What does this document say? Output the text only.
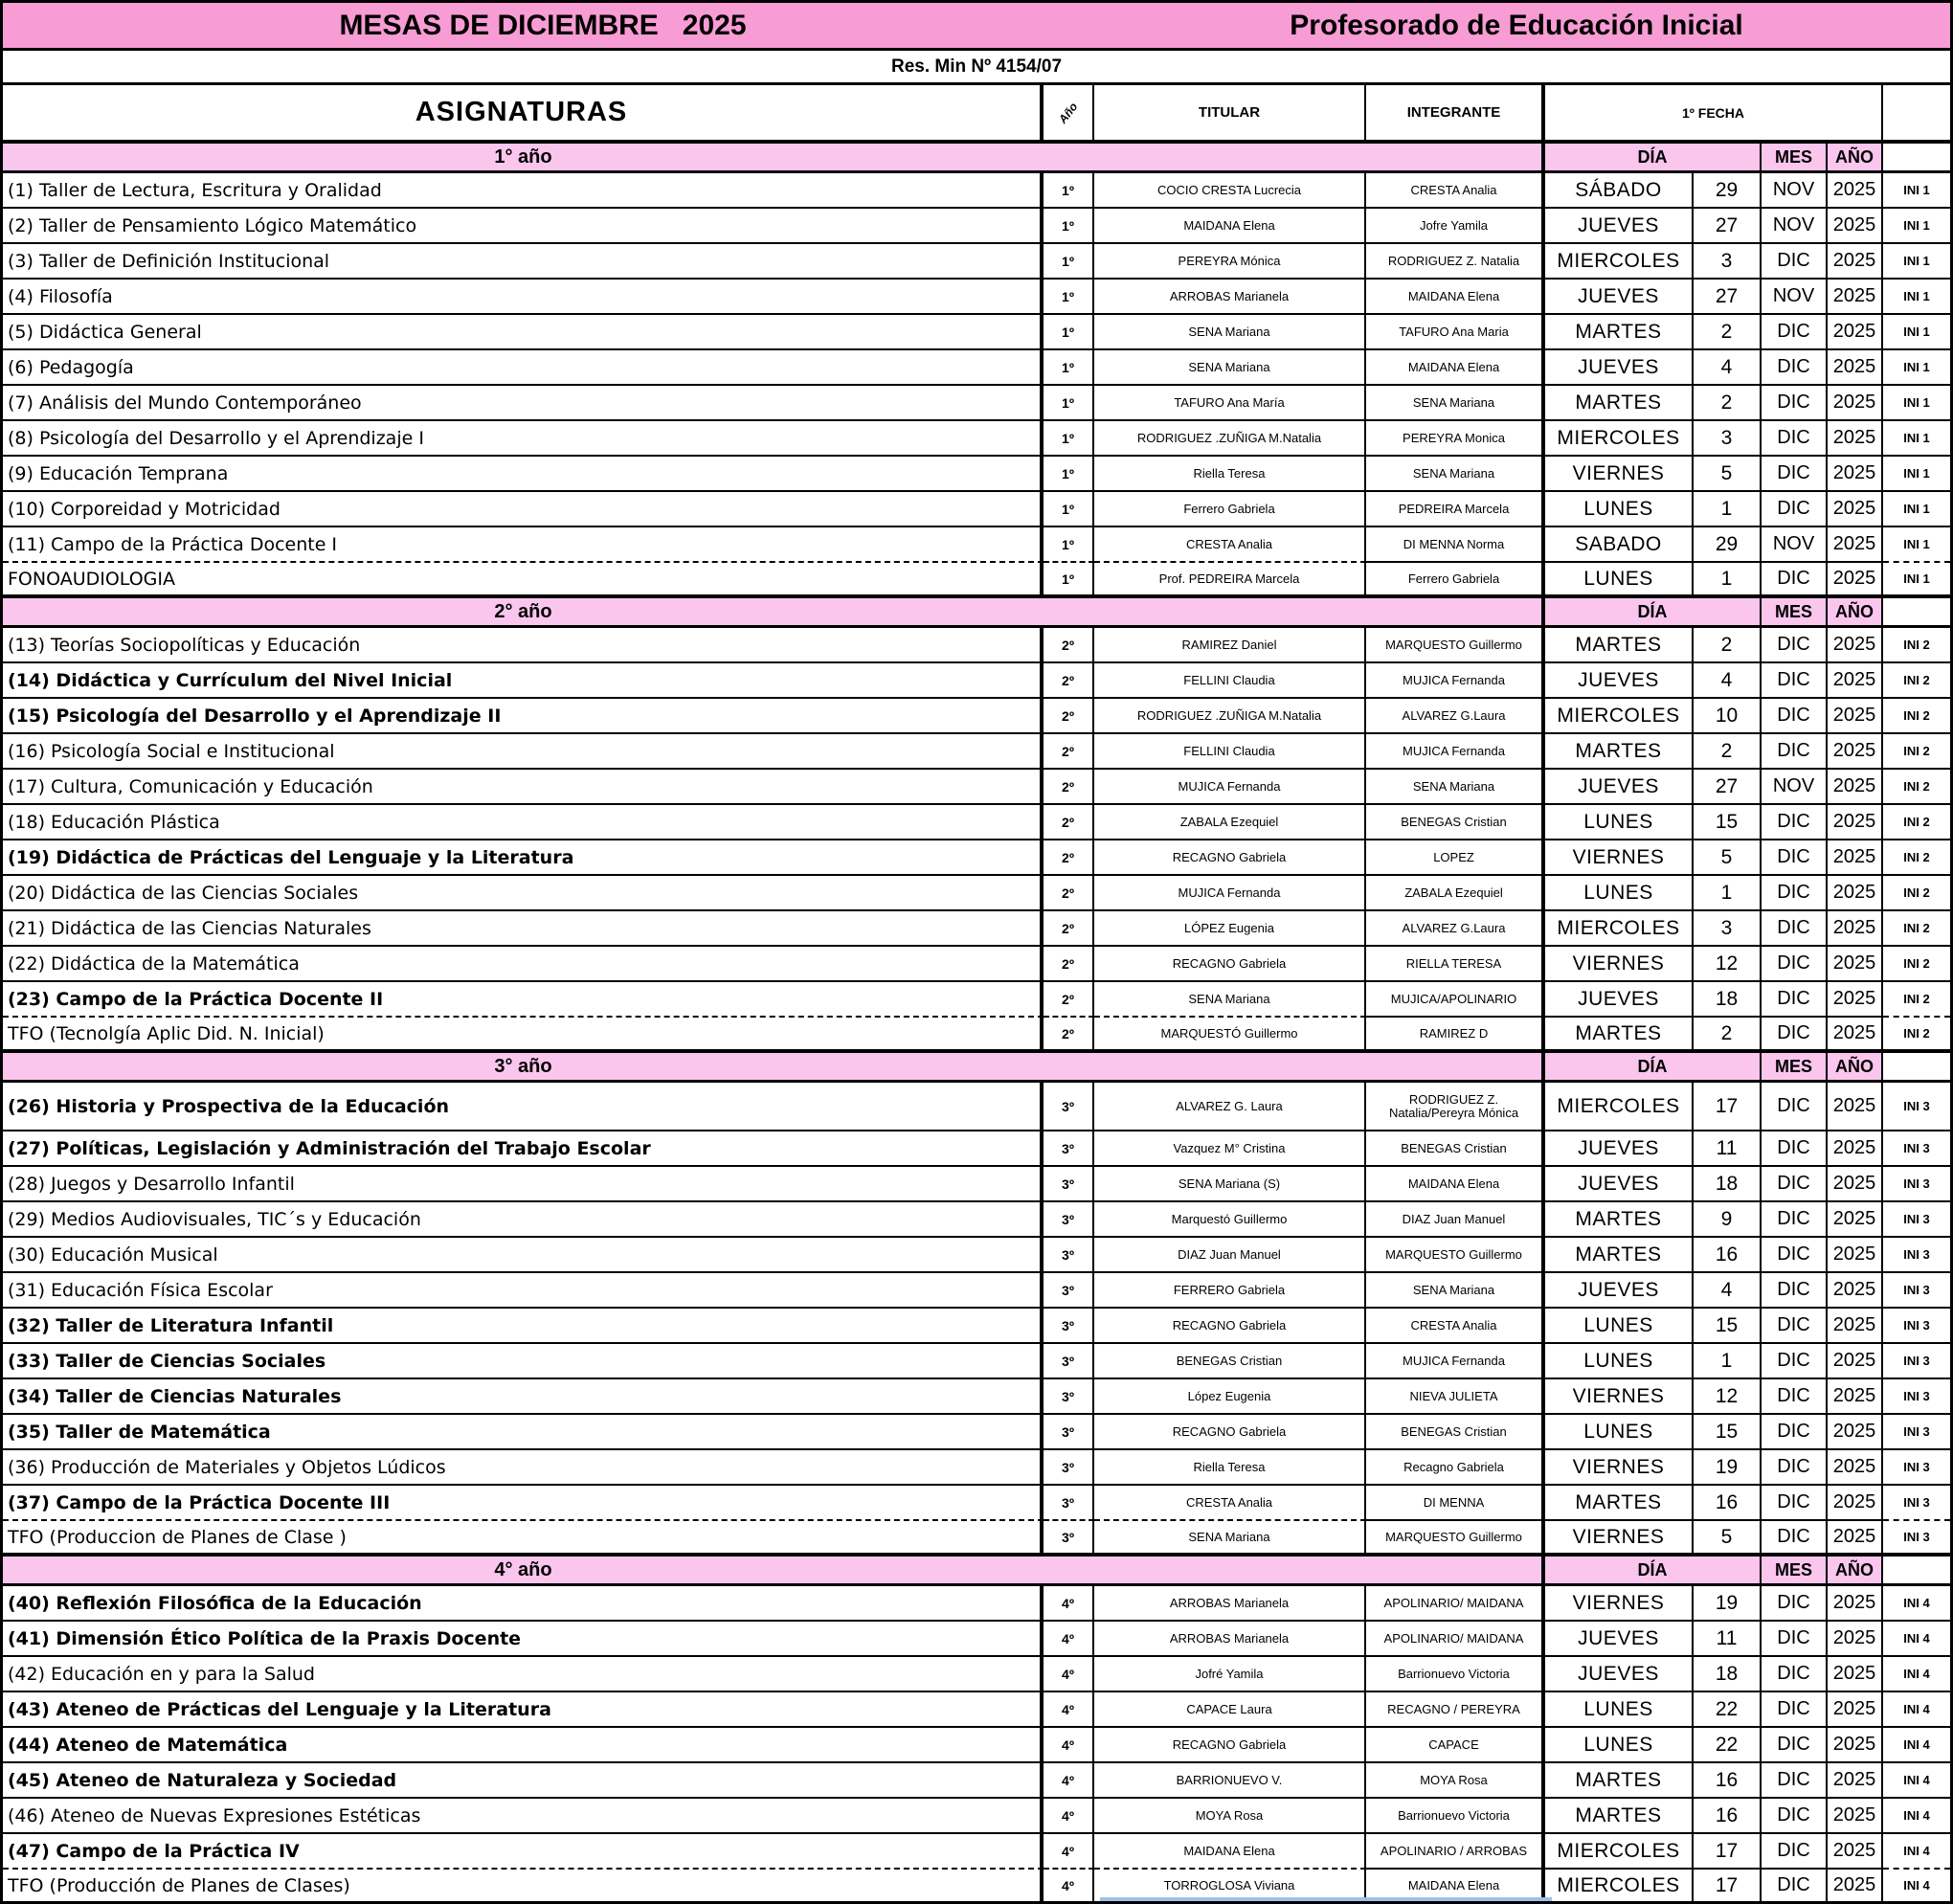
MESAS DE DICIEMBRE   2025	Profesorado de Educación Inicial
Res. Min Nº 4154/07
ASIGNATURAS	Año	TITULAR	INTEGRANTE	1º FECHA
1° año	DÍA	MES	AÑO
(1) Taller de Lectura, Escritura y Oralidad	1º	COCIO CRESTA Lucrecia	CRESTA Analia	SÁBADO	29	NOV 2025	INI 1
(2) Taller de Pensamiento Lógico Matemático	1º	MAIDANA Elena	Jofre Yamila	JUEVES	27	NOV 2025	INI 1
(3) Taller de Definición Institucional	1º	PEREYRA Mónica	RODRIGUEZ Z. Natalia	MIERCOLES	3	DIC	2025	INI 1
(4) Filosofía	1º	ARROBAS Marianela	MAIDANA Elena	JUEVES	27	NOV 2025	INI 1
(5) Didáctica General	1º	SENA Mariana	TAFURO Ana Maria	MARTES	2	DIC	2025	INI 1
(6) Pedagogía	1º	SENA Mariana	MAIDANA Elena	JUEVES	4	DIC	2025	INI 1
(7) Análisis del Mundo Contemporáneo	1º	TAFURO Ana María	SENA Mariana	MARTES	2	DIC	2025	INI 1
(8) Psicología del Desarrollo y el Aprendizaje I	1º	RODRIGUEZ .ZUÑIGA M.Natalia	PEREYRA Monica	MIERCOLES	3	DIC	2025	INI 1
(9) Educación Temprana	1º	Riella Teresa	SENA Mariana	VIERNES	5	DIC	2025	INI 1
(10) Corporeidad y Motricidad	1º	Ferrero Gabriela	PEDREIRA Marcela	LUNES	1	DIC	2025	INI 1
(11) Campo de la Práctica Docente I	1º	CRESTA Analia	DI MENNA Norma	SABADO	29	NOV 2025	INI 1
FONOAUDIOLOGIA	1º	Prof. PEDREIRA Marcela	Ferrero Gabriela	LUNES	1	DIC	2025	INI 1
2° año	DÍA	MES	AÑO
(13) Teorías Sociopolíticas y Educación	2º	RAMIREZ Daniel	MARQUESTO Guillermo	MARTES	2	DIC	2025	INI 2
(14) Didáctica y Currículum del Nivel Inicial	2º	FELLINI Claudia	MUJICA Fernanda	JUEVES	4	DIC	2025	INI 2
(15) Psicología del Desarrollo y el Aprendizaje II	2º	RODRIGUEZ .ZUÑIGA M.Natalia	ALVAREZ G.Laura	MIERCOLES	10	DIC	2025	INI 2
(16) Psicología Social e Institucional	2º	FELLINI Claudia	MUJICA Fernanda	MARTES	2	DIC	2025	INI 2
(17) Cultura, Comunicación y Educación	2º	MUJICA Fernanda	SENA Mariana	JUEVES	27	NOV 2025	INI 2
(18) Educación Plástica	2º	ZABALA Ezequiel	BENEGAS Cristian	LUNES	15	DIC	2025	INI 2
(19) Didáctica de Prácticas del Lenguaje y la Literatura	2º	RECAGNO Gabriela	LOPEZ	VIERNES	5	DIC	2025	INI 2
(20) Didáctica de las Ciencias Sociales	2º	MUJICA Fernanda	ZABALA Ezequiel	LUNES	1	DIC	2025	INI 2
(21) Didáctica de las Ciencias Naturales	2º	LÓPEZ Eugenia	ALVAREZ G.Laura	MIERCOLES	3	DIC	2025	INI 2
(22) Didáctica de la Matemática	2º	RECAGNO Gabriela	RIELLA TERESA	VIERNES	12	DIC	2025	INI 2
(23) Campo de la Práctica Docente II	2º	SENA Mariana	MUJICA/APOLINARIO	JUEVES	18	DIC	2025	INI 2
TFO (Tecnolgía Aplic Did. N. Inicial)	2º	MARQUESTÓ Guillermo	RAMIREZ D	MARTES	2	DIC	2025	INI 2
3° año	DÍA	MES	AÑO
(26) Historia y Prospectiva de la Educación	3º	ALVAREZ G. Laura	RODRIGUEZ Z. Natalia/Pereyra Mónica	MIERCOLES	17	DIC	2025	INI 3
(27) Políticas, Legislación y Administración del Trabajo Escolar	3º	Vazquez M° Cristina	BENEGAS Cristian	JUEVES	11	DIC	2025	INI 3
(28) Juegos y Desarrollo Infantil	3º	SENA Mariana (S)	MAIDANA Elena	JUEVES	18	DIC	2025	INI 3
(29) Medios Audiovisuales, TIC´s y Educación	3º	Marquestó Guillermo	DIAZ Juan Manuel	MARTES	9	DIC	2025	INI 3
(30) Educación Musical	3º	DIAZ Juan Manuel	MARQUESTO Guillermo	MARTES	16	DIC	2025	INI 3
(31) Educación Física Escolar	3º	FERRERO Gabriela	SENA Mariana	JUEVES	4	DIC	2025	INI 3
(32) Taller de Literatura Infantil	3º	RECAGNO Gabriela	CRESTA Analia	LUNES	15	DIC	2025	INI 3
(33) Taller de Ciencias Sociales	3º	BENEGAS Cristian	MUJICA Fernanda	LUNES	1	DIC	2025	INI 3
(34) Taller de Ciencias Naturales	3º	López Eugenia	NIEVA JULIETA	VIERNES	12	DIC	2025	INI 3
(35) Taller de Matemática	3º	RECAGNO Gabriela	BENEGAS Cristian	LUNES	15	DIC	2025	INI 3
(36) Producción de Materiales y Objetos Lúdicos	3º	Riella Teresa	Recagno Gabriela	VIERNES	19	DIC	2025	INI 3
(37) Campo de la Práctica Docente III	3º	CRESTA Analia	DI MENNA	MARTES	16	DIC	2025	INI 3
TFO (Produccion de Planes de Clase )	3º	SENA Mariana	MARQUESTO Guillermo	VIERNES	5	DIC	2025	INI 3
4° año	DÍA	MES	AÑO
(40) Reflexión Filosófica de la Educación	4º	ARROBAS Marianela	APOLINARIO/ MAIDANA	VIERNES	19	DIC	2025	INI 4
(41) Dimensión Ético Política de la Praxis Docente	4º	ARROBAS Marianela	APOLINARIO/ MAIDANA	JUEVES	11	DIC	2025	INI 4
(42) Educación en y para la Salud	4º	Jofré Yamila	Barrionuevo Victoria	JUEVES	18	DIC	2025	INI 4
(43) Ateneo de Prácticas del Lenguaje y la Literatura	4º	CAPACE Laura	RECAGNO / PEREYRA	LUNES	22	DIC	2025	INI 4
(44) Ateneo de Matemática	4º	RECAGNO Gabriela	CAPACE	LUNES	22	DIC	2025	INI 4
(45) Ateneo de Naturaleza y Sociedad	4º	BARRIONUEVO V.	MOYA Rosa	MARTES	16	DIC	2025	INI 4
(46) Ateneo de Nuevas Expresiones Estéticas	4º	MOYA Rosa	Barrionuevo Victoria	MARTES	16	DIC	2025	INI 4
(47) Campo de la Práctica IV	4º	MAIDANA Elena	APOLINARIO / ARROBAS	MIERCOLES	17	DIC	2025	INI 4
TFO (Producción de Planes de Clases)	4º	TORROGLOSA Viviana	MAIDANA Elena	MIERCOLES	17	DIC	2025	INI 4
